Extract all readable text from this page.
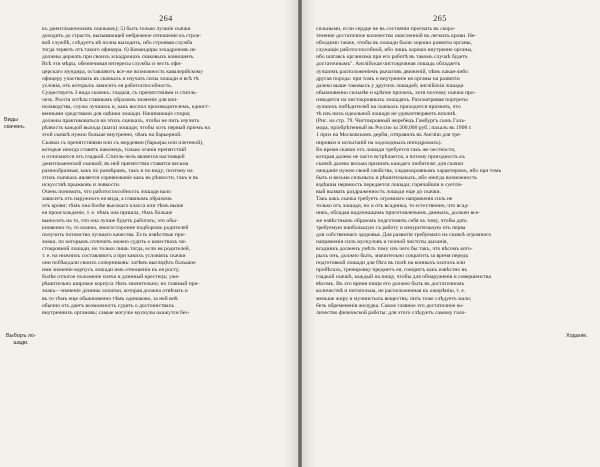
264
къ джентльменскимъ скачкамъ); 5) быть только лучшіе скачки
доходить до страсти, вызывающей небрежное отношеніе къ строе-
вой службѣ, слѣдуетъ вѣ полна выходить, ибо строевая служба
тогда теряеть отъ такого офицера. 6) Командиры эскадроновъ не
должны держать при своихъ эскадронахъ скаковыхъ конюшенъ.
Всѣ эти мѣры, обезпечивая интересы службы и честь офи-
церскаго мундира, оставляютъ все-же возможность кавалерійскому
офицеру участвовать въ скачкахъ и изучать силы лошади и всѣ тѣ
условія, отъ которыхъ зависитъ ея работоспособность.
Существуетъ 3 вида скачекъ: гладкія, съ препятствіями и стипль-
чезъ. Россія хотѣла главнымъ образомъ значеніе для кон-
нозаводства, служа лучшихъ и, какъ воспол производителемъ, единст-
венными средствами для оцѣнки лошади. Начинающіе спорщ
должны практиковаться на этихъ скачкахъ, чтобы не пить изучить
рѣзвость каждой выхода (шага) лошади; чтобы хотъ первый пріемъ на
этой скачкѣ нужно больше внутренно, чѣмъ на барьерной.
Скачки съ препятствіями или съ жердеями (барьеры или плетеной),
которые иногда ставятъ наконецъ, только оганія препятствій
и отличаются отъ гладкой. Стипль-чезъ является настоящей
джентльменской скачкой; въ ней препятствія ставятся весьма
разнообразныя, какъ по размѣрамъ, такъ и по виду; поэтому на
этихъ скачкахъ является соревнованіе какъ въ рѣзвости, такъ и въ
искусствѣ прыжковъ и ловкости.
Очень понимать, что работоспособность лошади вало
зависитъ отъ наружного ея вида, а главнымъ образомъ
отъ крови; тѣмъ она болѣе высокаго класса или тѣмъ выше
ея происхожденіе, т. е. чѣмъ она пришла, тѣмъ больше
выносить на то, что она лучше будетъ работать; это обы-
кновенно то, то можно, многосторонне подборомъ родителей
получить потомство лучшаго качества. Есть извѣстные при-
знаки, по которымъ отличить можно судить о качествахъ чи-
стокровной лошади, но только лишь тогда, если ея родителей,
т. е. на нижнихъ составляютъ а при какихъ условіяхъ скачки
они побѣждали своихъ соперниковъ: затѣмъ выглядѣть большое
ими значеніе корпусъ лошади имъ отношеніи къ ея росту,
болѣе отлогое положеніе плеча и длинный крестецъ; уже-
рѣшительно широкое корпуса тѣмъ значительно; но главный при-
знакъ—значеніе длинны лопатки, которая должна отвѣчать и
въ то тѣмъ еще обыкновенно тѣмъ одинаково, за ней внѣ
обычно отъ даетъ возможность судить о достоинствахъ
внутреннихъ органовъ; самые могучіе мускулы окажутся без-
Виды скачекъ.
Выборъ ло-
шади.
265
сильными, если сердце не въ состояніи прогнать въ скоро-
течение достаточное количество окисленной въ легкихъ крови. Не-
обходимо также, чтобы въ лошади были хорошо развиты органы,
служащіе работоспособной, ибо лишь хорошо внутренне органы,
ибо шатаясь организма при его работѣ въ такомъ случаѣ будетъ
достаточнымъ". Англійская чистокровная лошадь обладаетъ
лучшимъ расположеніемъ рычаговъ движеній, чѣмъ какая-либо
другая порода: при томъ и внутренніе ея органы на развитіи
далеко выше таковыхъ у другихъ лошадей; англійскія лошади
обыкновенно сильнѣе и крѣпче прочихъ, хотя поэтому скачки про-
изводятся на чистокровныхъ лошадяхъ. Разсматривая портреты
лучшихъ побѣдителей на скачкахъ приходится признать, что
тѣ изъ нихъ идеальной лошади не удовлетворяютъ вполнѣ.
(Рис. на стр. 79. Чистокровный жеребецъ Гамбургъ сынъ Галь-
мора, пріобрѣтенный въ Россію за 200,000 руб.; пахалъ въ 1908 г.
1 приз на Московскомъ дербм, отправилъ въ Англію для тре-
нировки и испытаній на ходоходныхъ ипподромахъ).
Во время скачки отъ лошади требуется такъ же честности,
которая далеко не часто встрѣчается, а потому пригодность къ
скачкѣ далеко весьма признать каждаго любителя: для скачки
ожиданіе нужно своей свойства, хладнокровнымъ характеромъ, ибо при томъ
быть и весьма сильныхъ и рѣшительныхъ, ибо иногда возможность
вздѣшна нервность передается лошади; горячайшія и суетли-
вый вызвать раздраженность лошади еще до скачки.
Такъ какъ скачка требуетъ огромнаго напряженія силъ не
только отъ лошади, но и отъ всадника, то естественно, что всад-
никъ, обладая надлежащимъ приготовленьемъ данныхъ, должен все-
же извѣстнымъ образомъ подготовить себя къ тому, чтобы дать
требуемую наибольшую съ работу и изнурительную отъ перва
для собственнаго здоровья. Для развитія требуемаго на скачкѣ огромного
напряженія силъ мускуловъ и полной чистоты дыханія,
всадникъ долженъ умѣть тому изъ чего бы такъ, что вѣсомъ кото-
рыхъ онъ, должно быть, значительно сократить за время передъ
подготовкой лошади для бѣга въ полѣ на конныхъ охотахъ или
пробѣгахъ, тренировку предметъ ея, говорятъ какъ извѣстно въ
гладкой скачкѣ, каждый на пищу, чтобы для обнаруженія и совершенства
вѣсомъ. Въ это время пищи его должно быть въ достаточномъ
количествѣ и питательна, не расположенная къ ожирѣнію, т. е.
меньше жиру и мучнистыхъ веществъ; пить тоже слѣдуетъ мало;
безъ обремененія желудка. Самое главное это достаточное ко-
личество физической работы: для этого слѣдуетъ самому гало-
Ходаніе.
